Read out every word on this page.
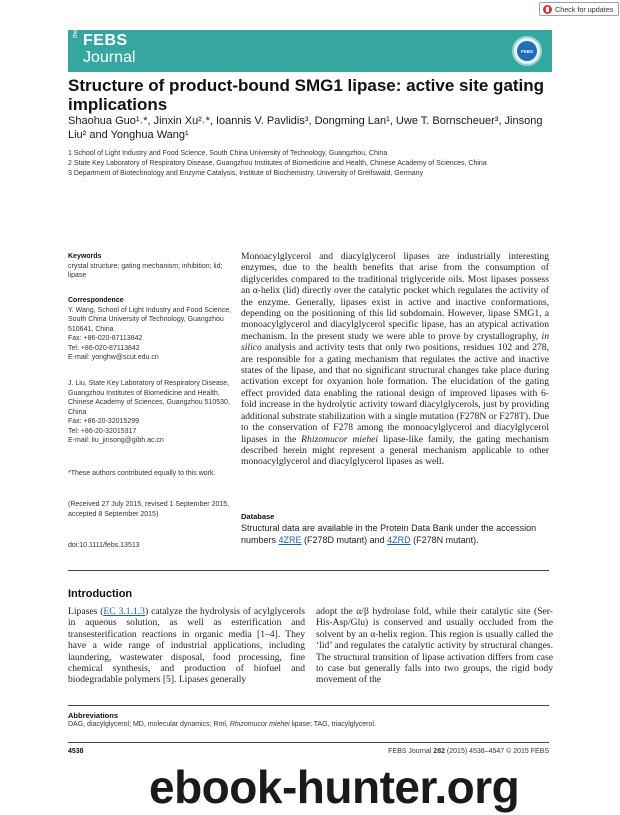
Check for updates
the FEBS
Journal	FEBS
Structure of product-bound SMG1 lipase: active site gating implications
Shaohua Guo¹˒*, Jinxin Xu²˒*, Ioannis V. Pavlidis³, Dongming Lan¹, Uwe T. Bornscheuer³, Jinsong Liu² and Yonghua Wang¹
1 School of Light Industry and Food Science, South China University of Technology, Guangzhou, China
2 State Key Laboratory of Respiratory Disease, Guangzhou Institutes of Biomedicine and Health, Chinese Academy of Sciences, China
3 Department of Biotechnology and Enzyme Catalysis, Institute of Biochemistry, University of Greifswald, Germany
Keywords
crystal structure; gating mechanism; inhibition; lid; lipase
Correspondence
Y. Wang, School of Light Industry and Food Science, South China University of Technology, Guangzhou 510641, China
Fax: +86-020-87113842
Tel: +86-020-87113842
E-mail: yonghw@scut.edu.cn
J. Liu, State Key Laboratory of Respiratory Disease, Guangzhou Institutes of Biomedicine and Health, Chinese Academy of Sciences, Guangzhou 510530, China
Fax: +86-20-32015299
Tel: +86-20-32015317
E-mail: liu_jinsong@gibh.ac.cn
*These authors contributed equally to this work.
(Received 27 July 2015, revised 1 September 2015, accepted 8 September 2015)
doi:10.1111/febs.13513
Monoacylglycerol and diacylglycerol lipases are industrially interesting enzymes, due to the health benefits that arise from the consumption of diglycerides compared to the traditional triglyceride oils. Most lipases possess an α-helix (lid) directly over the catalytic pocket which regulates the activity of the enzyme. Generally, lipases exist in active and inactive conformations, depending on the positioning of this lid subdomain. However, lipase SMG1, a monoacylglycerol and diacylglycerol specific lipase, has an atypical activation mechanism. In the present study we were able to prove by crystallography, in silico analysis and activity tests that only two positions, residues 102 and 278, are responsible for a gating mechanism that regulates the active and inactive states of the lipase, and that no significant structural changes take place during activation except for oxyanion hole formation. The elucidation of the gating effect provided data enabling the rational design of improved lipases with 6-fold increase in the hydrolytic activity toward diacylglycerols, just by providing additional substrate stabilization with a single mutation (F278N or F278T). Due to the conservation of F278 among the monoacylglycerol and diacylglycerol lipases in the Rhizomucor miehei lipase-like family, the gating mechanism described herein might represent a general mechanism applicable to other monoacylglycerol and diacylglycerol lipases as well.
Database
Structural data are available in the Protein Data Bank under the accession numbers 4ZRE (F278D mutant) and 4ZRD (F278N mutant).
Introduction
Lipases (EC 3.1.1.3) catalyze the hydrolysis of acylglycerols in aqueous solution, as well as esterification and transesterification reactions in organic media [1–4]. They have a wide range of industrial applications, including laundering, wastewater disposal, food processing, fine chemical synthesis, and production of biofuel and biodegradable polymers [5]. Lipases generally
adopt the α/β hydrolase fold, while their catalytic site (Ser-His-Asp/Glu) is conserved and usually occluded from the solvent by an α-helix region. This region is usually called the ‘lid’ and regulates the catalytic activity by structural changes. The structural transition of lipase activation differs from case to case but generally falls into two groups, the rigid body movement of the
Abbreviations
DAG, diacylglycerol; MD, molecular dynamics; Rml, Rhizomucor miehei lipase; TAG, triacylglycerol.
4538	FEBS Journal 282 (2015) 4538–4547 © 2015 FEBS
ebook-hunter.org
